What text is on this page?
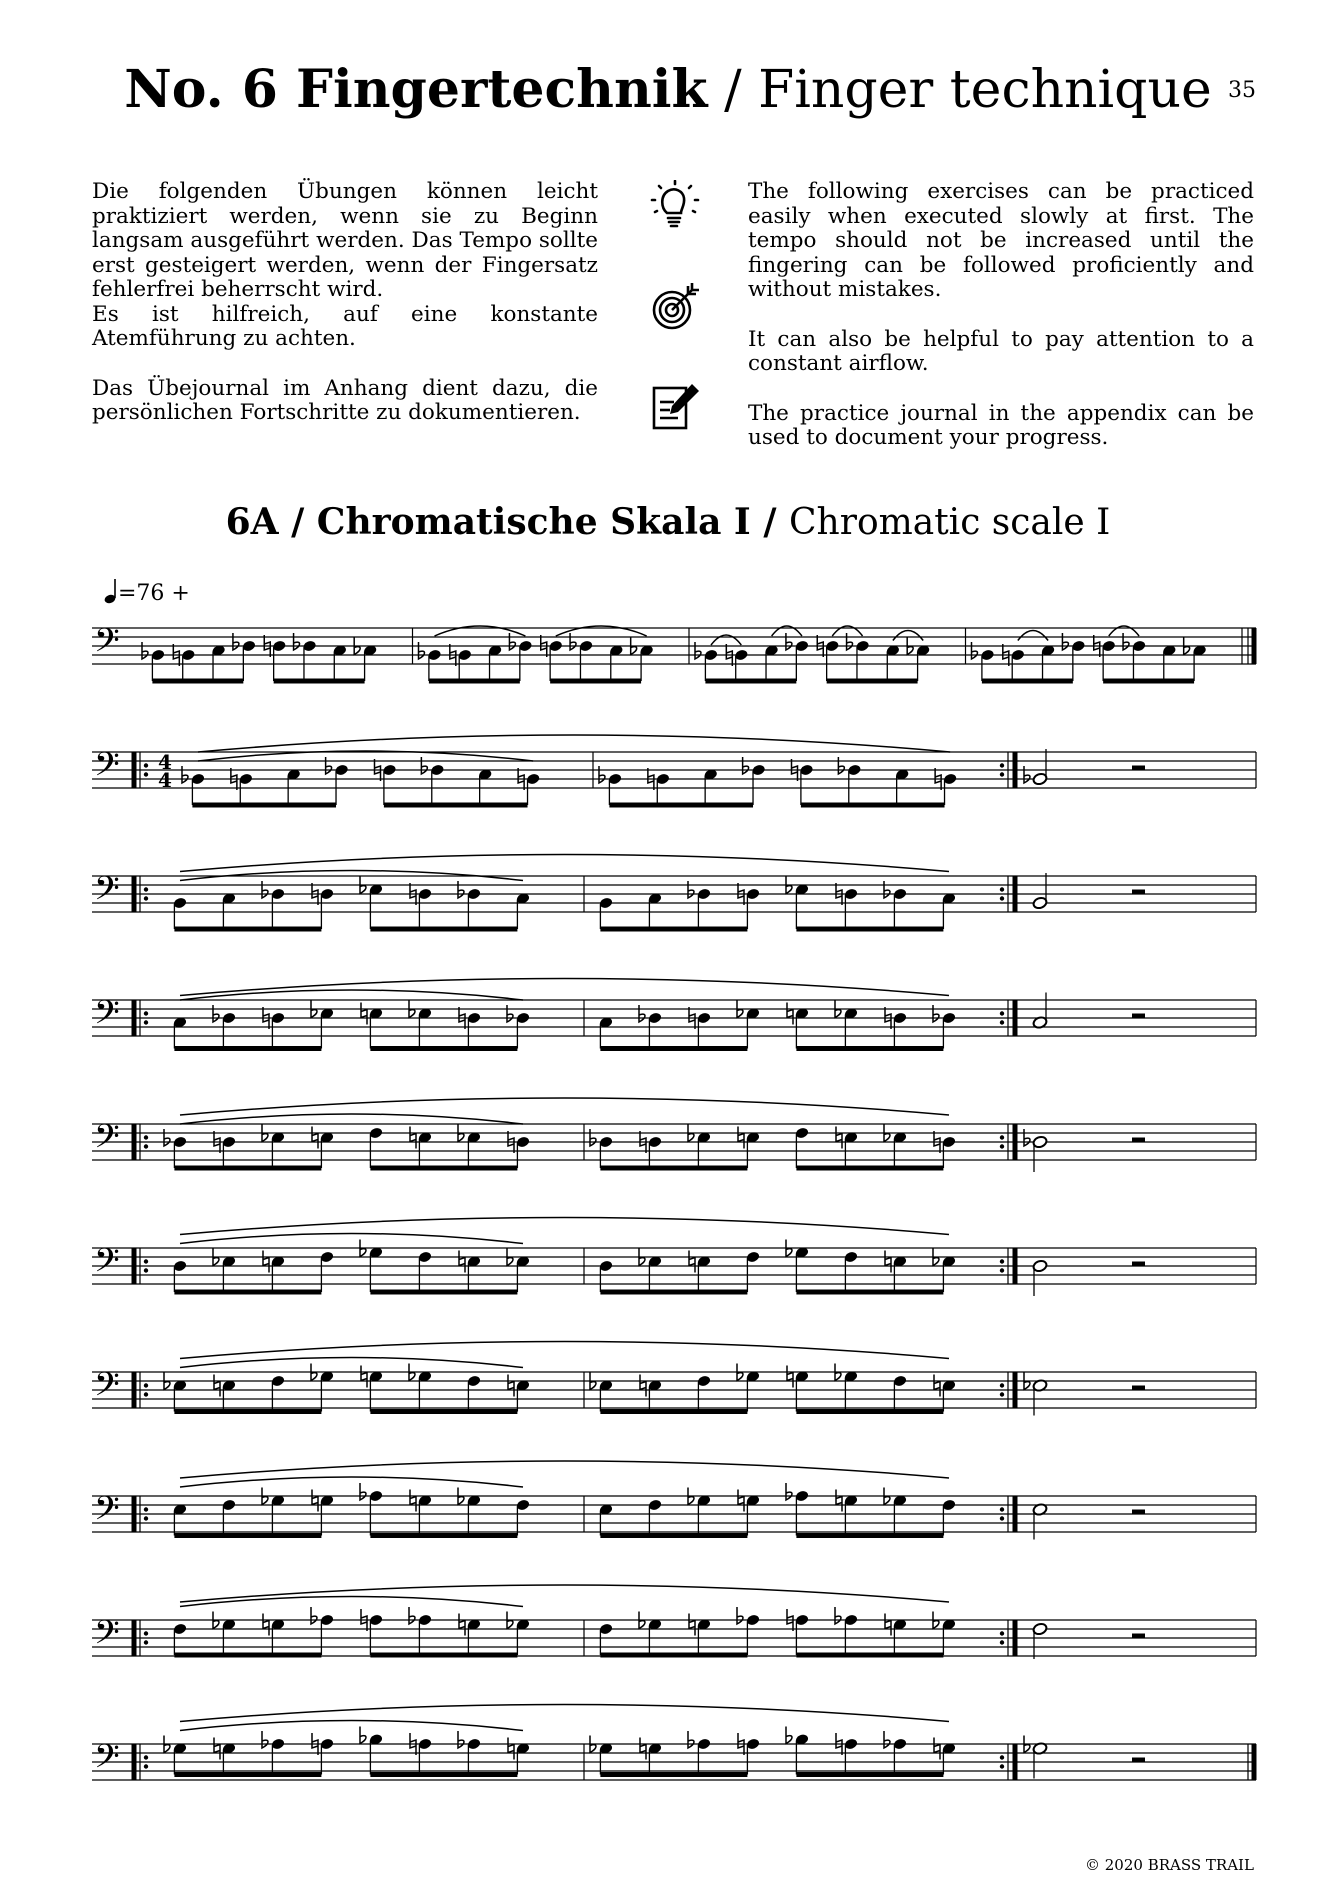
No. 6 Fingertechnik / Finger technique 35

Die folgenden Übungen können leicht praktiziert werden, wenn sie zu Beginn langsam ausgeführt werden. Das Tempo sollte erst gesteigert werden, wenn der Fingersatz fehlerfrei beherrscht wird.

Es ist hilfreich, auf eine konstante Atemführung zu achten.

Das Übejournal im Anhang dient dazu, die persönlichen Fortschritte zu dokumentieren.

The following exercises can be practiced easily when executed slowly at first. The tempo should not be increased until the fingering can be followed proficiently and without mistakes.

It can also be helpful to pay attention to a constant airflow.

The practice journal in the appendix can be used to document your progress.

6A / Chromatische Skala I / Chromatic scale I
=76 +
𝄢
𝄢 4
4
𝄢
𝄢
𝄢
𝄢
𝄢
𝄢
𝄢
𝄢
© 2020 BRASS TRAIL
